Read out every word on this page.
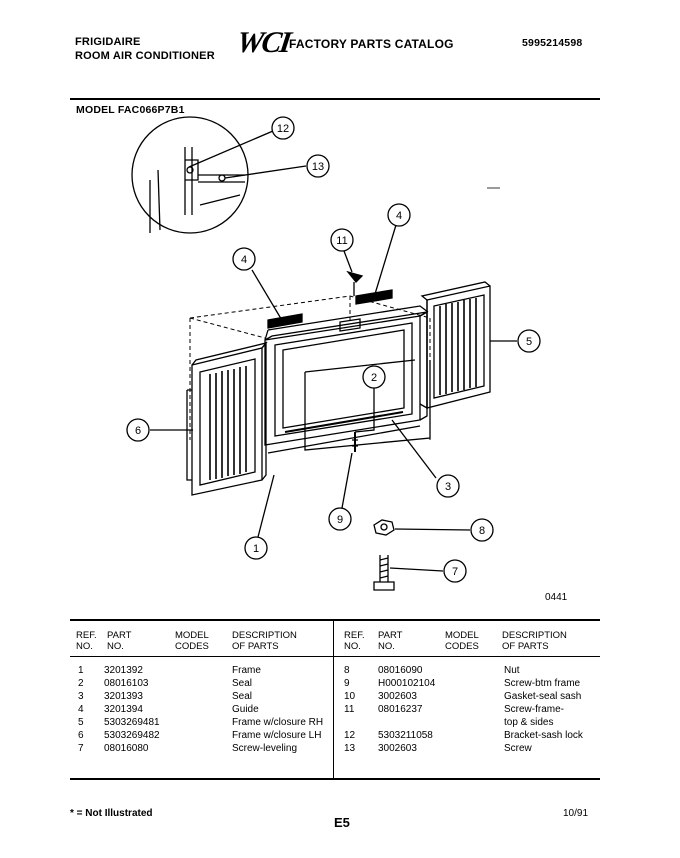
FRIGIDAIRE
ROOM AIR CONDITIONER WCI
FACTORY PARTS CATALOG	5995214598
MODEL FAC066P7B1
12
13
4
11
4
5
2
6
3
9
8
1
7
0441
REF.
NO.
PART
NO.
MODEL
CODES
DESCRIPTION
OF PARTS
REF.
NO.
PART
NO.
MODEL
CODES
DESCRIPTION
OF PARTS
1
2
3
4
5
6
7
3201392
08016103
3201393
3201394
5303269481
5303269482
08016080
Frame
Seal
Seal
Guide
Frame w/closure RH
Frame w/closure LH
Screw-leveling
8
9
10
11
12
13
08016090
H000102104
3002603
08016237
5303211058
3002603
Nut
Screw-btm frame
Gasket-seal sash
Screw-frame-
top & sides
Bracket-sash lock
Screw
* = Not Illustrated
E5
10/91
